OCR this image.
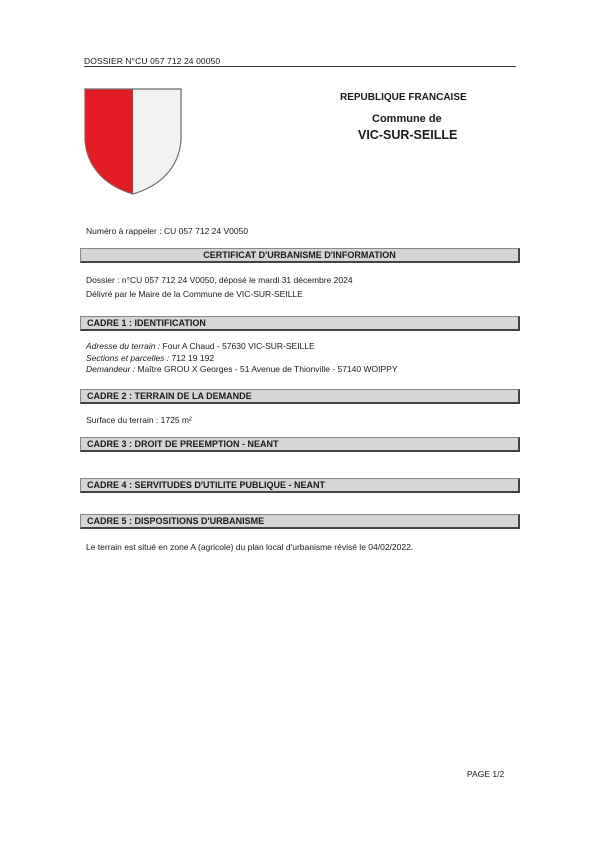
DOSSIER N°CU 057 712 24 00050
REPUBLIQUE FRANCAISE
Commune de
VIC-SUR-SEILLE
Numéro à rappeler : CU 057 712 24 V0050
CERTIFICAT D'URBANISME D'INFORMATION
Dossier : n°CU 057 712 24 V0050, déposé le mardi 31 décembre 2024
Délivré par le Maire de la Commune de VIC-SUR-SEILLE
CADRE 1 : IDENTIFICATION
Adresse du terrain : Four A Chaud - 57630 VIC-SUR-SEILLE
Sections et parcelles : 712 19 192
Demandeur : Maître GROU X Georges - 51 Avenue de Thionville - 57140 WOIPPY
CADRE 2 : TERRAIN DE LA DEMANDE
Surface du terrain : 1725 m²
CADRE 3 : DROIT DE PREEMPTION - NEANT
CADRE 4 : SERVITUDES D'UTILITE PUBLIQUE - NEANT
CADRE 5 : DISPOSITIONS D'URBANISME
Le terrain est situé en zone A (agricole) du plan local d'urbanisme révisé le 04/02/2022.
PAGE 1/2
